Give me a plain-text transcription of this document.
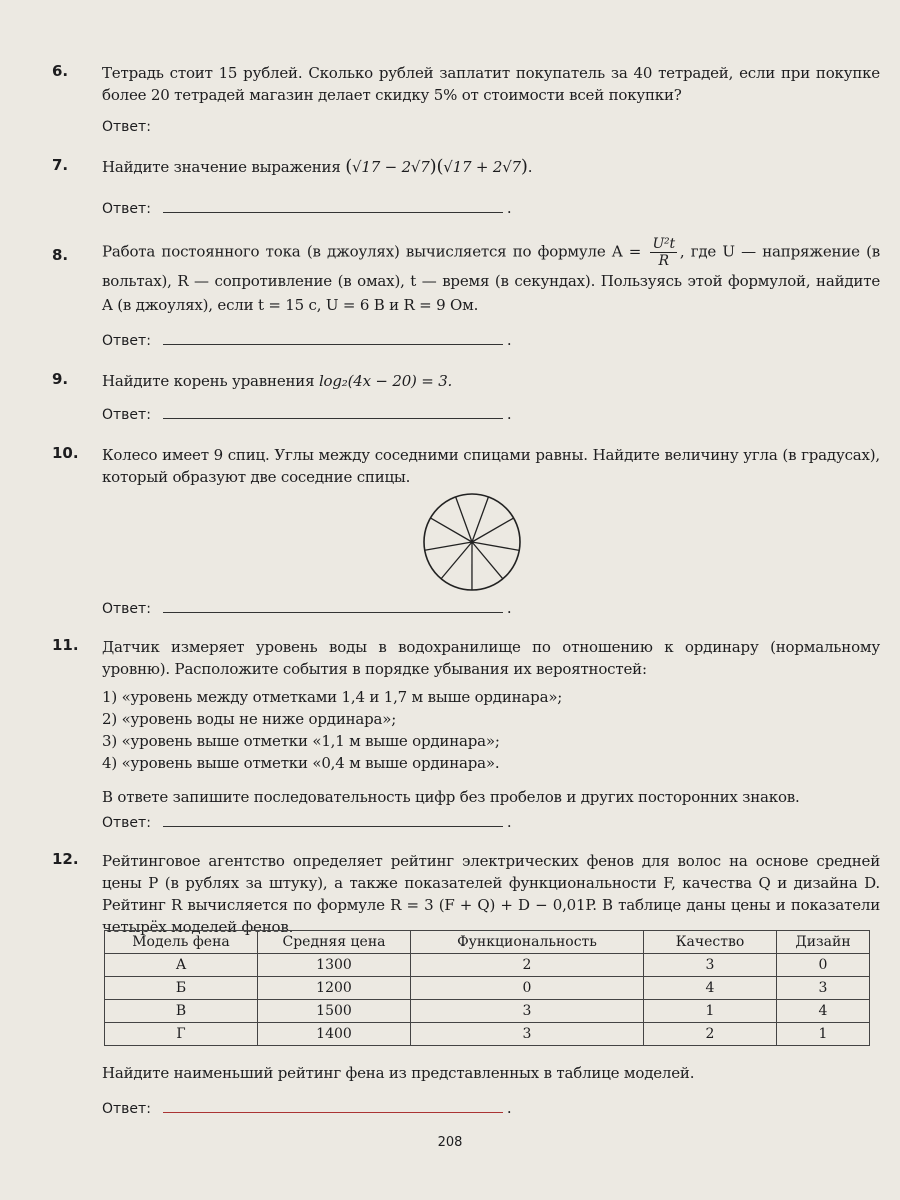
6. Тетрадь стоит 15 рублей. Сколько рублей заплатит покупатель за 40 тетрадей, если при покупке более 20 тетрадей магазин делает скидку 5% от стоимости всей покупки?

Ответ:
7. Найдите значение выражения (√17 − 2√7)(√17 + 2√7).

Ответ:	.
8. Работа постоянного тока (в джоулях) вычисляется по формуле $A = \frac{\text{U²t}}{R}$ , где U — напряжение (в вольтах), R — сопротивление (в омах), t — время (в секундах). Пользуясь этой формулой, найдите A (в джоулях), если t = 15 с, U = 6 В и R = 9 Ом.

Ответ:	.
9. Найдите корень уравнения log₂(4x − 20) = 3.

Ответ:	.
10. Колесо имеет 9 спиц. Углы между соседними спицами равны. Найдите величину угла (в градусах), который образуют две соседние спицы.

Ответ:	.
11. Датчик измеряет уровень воды в водохранилище по отношению к ординару (нормальному уровню). Расположите события в порядке убывания их вероятностей:

1) «уровень между отметками 1,4 и 1,7 м выше ординара»;

2) «уровень воды не ниже ординара»;

3) «уровень выше отметки «1,1 м выше ординара»;

4) «уровень выше отметки «0,4 м выше ординара».

В ответе запишите последовательность цифр без пробелов и других посторонних знаков.

Ответ:	.
12. Рейтинговое агентство определяет рейтинг электрических фенов для волос на основе средней цены P (в рублях за штуку), а также показателей функциональности F, качества Q и дизайна D. Рейтинг R вычисляется по формуле R = 3 (F + Q) + D − 0,01P. В таблице даны цены и показатели четырёх моделей фенов.

Модель фена	Средняя цена	Функциональность	Качество	Дизайн
А	1300	2	3	0
Б	1200	0	4	3
В	1500	3	1	4
Г	1400	3	2	1

Найдите наименьший рейтинг фена из представленных в таблице моделей.

Ответ:	.
208
